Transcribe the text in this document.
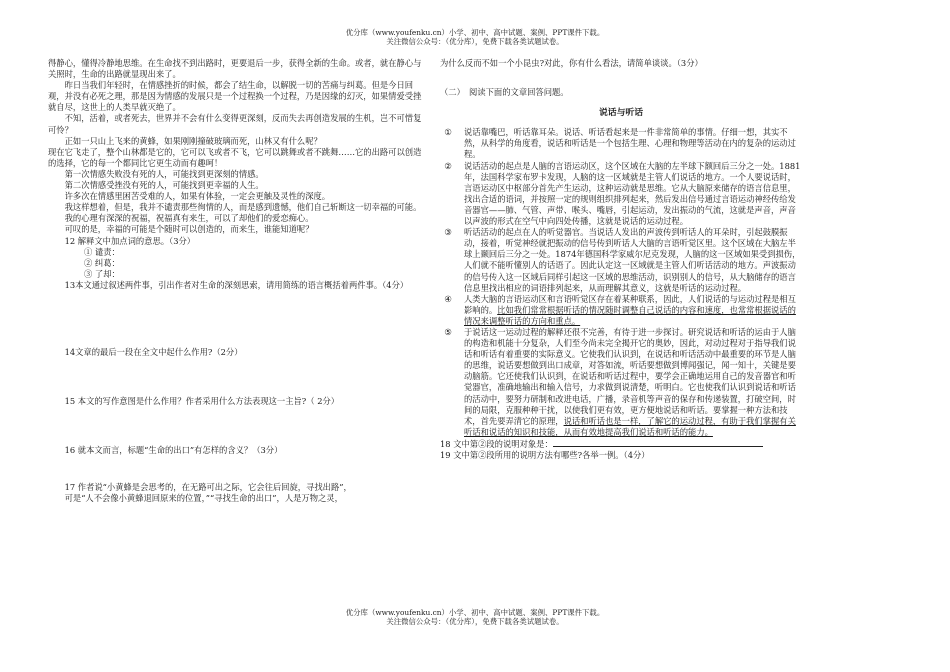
优分库（www.youfenku.cn）小学、初中、高中试题、案例、PPT课件下载。
关注微信公众号：（优分库），免费下载各类试题试卷。

得静心，懂得冷静地思维。在生命找不到出路时，更要退后一步，获得全新的生命。或者，就在静心与关照时，生命的出路就显现出来了。

昨日当我们年轻时，在情感挫折的时候，都会了结生命，以解脱一切的苦痛与纠葛。但是今日回观，并没有必死之理，那是因为情感的发展只是一个过程换一个过程，乃是因缘的幻灭，如果情爱受挫就自尽，这世上的人类早就灭绝了。

不知，活着，或者死去，世界并不会有什么变得更深刻，反而失去再创造发展的生机，岂不可惜复可怜？

正如一只山上飞来的黄蜂，如果刚刚撞破玻璃而死，山林又有什么呢？

现在它飞走了，整个山林都是它的，它可以飞或者不飞，它可以跳舞或者不跳舞……它的出路可以创造的选择，它的每一个都同比它更生动而有趣呵！

第一次情感失败没有死的人，可能找到更深刻的情感。

第二次情感受挫没有死的人，可能找到更幸福的人生。

许多次在情感里困苦受难的人，如果有体验，一定会更触及灵性的深度。

我这样想着，但是，我并不谴责那些徇情的人，而是感到遗憾，他们自己斩断这一切幸福的可能。

我的心理有深深的祝福，祝福真有来生，可以了却他们的爱恋痴心。

可叹的是，幸福的可能是个随时可以创造的，而来生，谁能知道呢？

12 解释文中加点词的意思。（3分）

① 谴责：

② 纠葛：

③ 了却：

13本文通过叙述两件事，引出作者对生命的深刻思索，请用简练的语言概括着两件事。（4分）

14文章的最后一段在全文中起什么作用?（2分）

15 本文的写作意图是什么作用？作者采用什么方法表现这一主旨?（ 2分）

16 就本文而言，标题“生命的出口”有怎样的含义？（3分）

17 作者说“小黄蜂是会思考的，在无路可出之际，它会往后回旋，寻找出路”，

可是“人不会像小黄蜂退回原来的位置，”“寻找生命的出口”，人是万物之灵，

为什么反而不如一个小昆虫?对此，你有什么看法，请简单谈谈。（3分）

（二）　阅读下面的文章回答问题。

说话与听话

①	说话靠嘴巴，听话靠耳朵。说话、听话看起来是一件非常简单的事情。仔细一想，其实不然，从科学的角度看，说话和听话是一个包括生理、心理和物理等活动在内的复杂的运动过程。
②	说话活动的起点是人脑的言语运动区，这个区域在大脑的左半球下额回后三分之一处。1881年，法国科学家布罗卡发现，人脑的这一区域就是主管人们说话的地方。一个人要说话时，言语运动区中枢部分首先产生运动，这种运动就是思维。它从大脑原来储存的语言信息里，找出合适的语词，并按照一定的规则组织排列起来，然后发出信号通过言语运动神经传给发音器官——肺、气管、声带、喉头、嘴唇，引起运动，发出振动的气流，这就是声音，声音以声波的形式在空气中向四处传播，这就是说话的运动过程。
③	听话活动的起点在人的听觉器官。当说话人发出的声波传到听话人的耳朵时，引起鼓膜振动，接着，听觉神经就把振动的信号传到听话人大脑的言语听觉区里。这个区域在大脑左半球上颞回后三分之一处。1874年德国科学家威尔尼克发现，人脑的这一区域如果受到损伤，人们就不能听懂别人的话语了。因此认定这一区域就是主管人们听话活动的地方。声波振动的信号传入这一区域后同样引起这一区域的思维活动，识别别人的信号，从大脑储存的语言信息里找出相应的词语排列起来，从而理解其意义，这就是听话的运动过程。
④	人类大脑的言语运动区和言语听觉区存在着某种联系，因此，人们说话的与运动过程是相互影响的。比如我们常常根据听话的情况随时调整自己说话的内容和速度，也常常根据说话的情况来调整听话的方向和重点。
⑤	于说话这一运动过程的解释还很不完善，有待于进一步探讨。研究说话和听话的运由于人脑的构造和机能十分复杂，人们至今尚未完全揭开它的奥妙，因此，对动过程对于指导我们说话和听话有着重要的实际意义。它使我们认识到，在说话和听话活动中最重要的环节是人脑的思维，说话要想做到出口成章，对答如流，听话要想做到博闻强记，闻一知十，关键是要动脑筋。它还使我们认识到，在说话和听话过程中，要学会正确地运用自己的发音器官和听觉器官，准确地输出和输入信号，力求做到说清楚，听明白。它也使我们认识到说话和听话的活动中，要努力研制和改进电话，广播，录音机等声音的保存和传递装置，打破空间，时间的局限，克服种种干扰，以使我们更有效，更方便地说话和听话。要掌握一种方法和技术，首先要弄清它的原理，说话和听话也是一样，了解它的运动过程，有助于我们掌握有关听话和说话的知识和技能，从而有效地提高我们说话和听话的能力。

18 文中第②段的说明对象是：

19 文中第②段所用的说明方法有哪些?各举一例。（4分）

优分库（www.youfenku.cn）小学、初中、高中试题、案例、PPT课件下载。
关注微信公众号：（优分库），免费下载各类试题试卷。
